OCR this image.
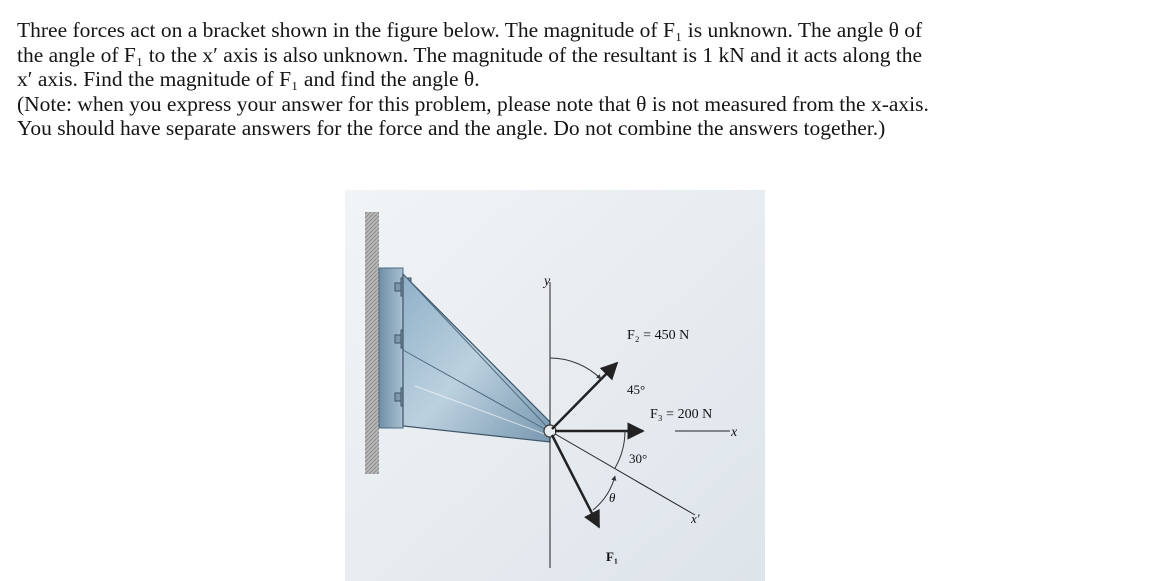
Three forces act on a bracket shown in the figure below. The magnitude of F₁ is unknown. The angle θ of

the angle of F₁ to the x′ axis is also unknown. The magnitude of the resultant is 1 kN and it acts along the

x′ axis. Find the magnitude of F₁ and find the angle θ.

(Note: when you express your answer for this problem, please note that θ is not measured from the x-axis.

You should have separate answers for the force and the angle. Do not combine the answers together.)

y
x
x′
F₂ = 450 N
F₃ = 200 N
F₁
45°
30°
θ
